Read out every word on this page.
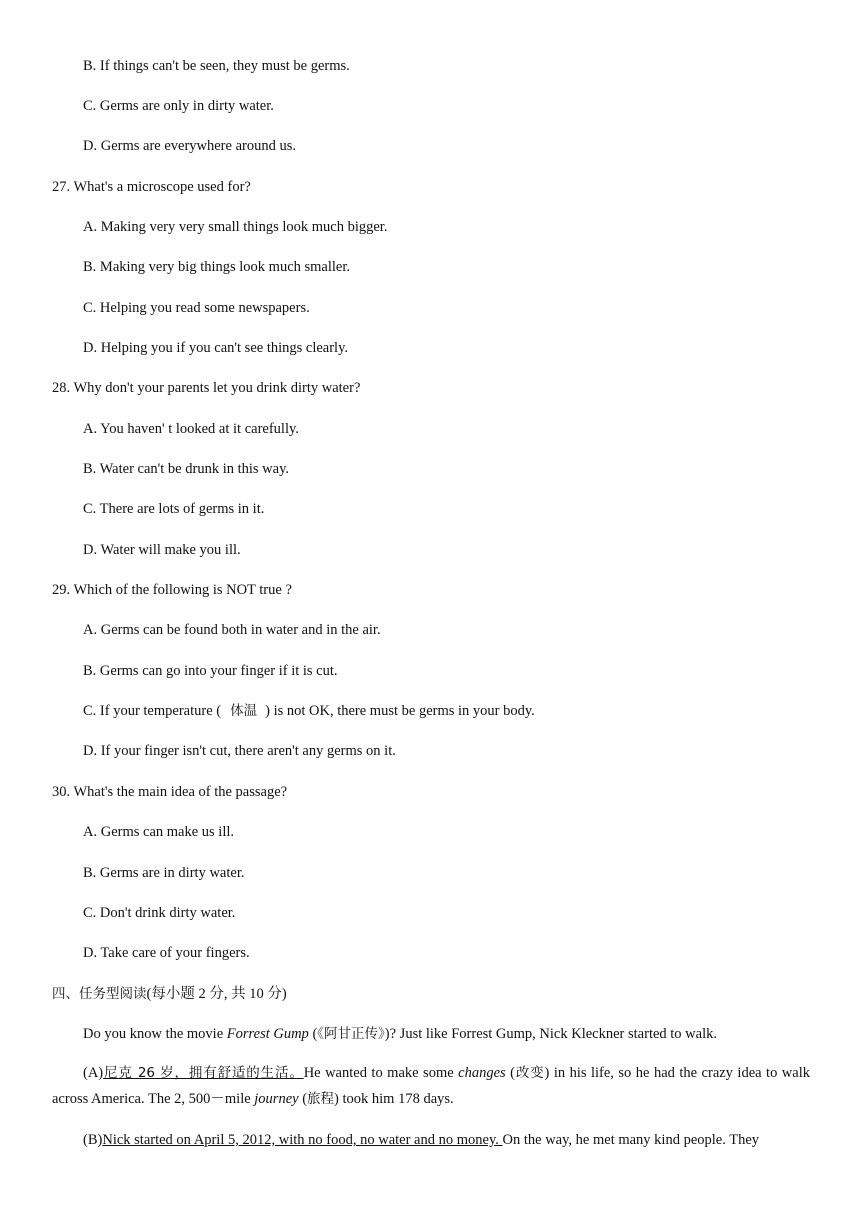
B. If things can't be seen, they must be germs.
C. Germs are only in dirty water.
D. Germs are everywhere around us.
27. What's a microscope used for?
A. Making very very small things look much bigger.
B. Making very big things look much smaller.
C. Helping you read some newspapers.
D. Helping you if you can't see things clearly.
28. Why don't your parents let you drink dirty water?
A. You haven' t looked at it carefully.
B. Water can't be drunk in this way.
C. There are lots of germs in it.
D. Water will make you ill.
29. Which of the following is NOT true ?
A. Germs can be found both in water and in the air.
B. Germs can go into your finger if it is cut.
C. If your temperature ( 体温 ) is not OK, there must be germs in your body.
D. If your finger isn't cut, there aren't any germs on it.
30. What's the main idea of the passage?
A. Germs can make us ill.
B. Germs are in dirty water.
C. Don't drink dirty water.
D. Take care of your fingers.
四、任务型阅读(每小题 2 分, 共 10 分)
Do you know the movie Forrest Gump (《阿甘正传》)? Just like Forrest Gump, Nick Kleckner started to walk.
(A)尼克 26 岁，拥有舒适的生活。He wanted to make some changes (改变) in his life, so he had the crazy idea to walk across America. The 2, 500－mile journey (旅程) took him 178 days.
(B)Nick started on April 5, 2012, with no food, no water and no money. On the way, he met many kind people. They
